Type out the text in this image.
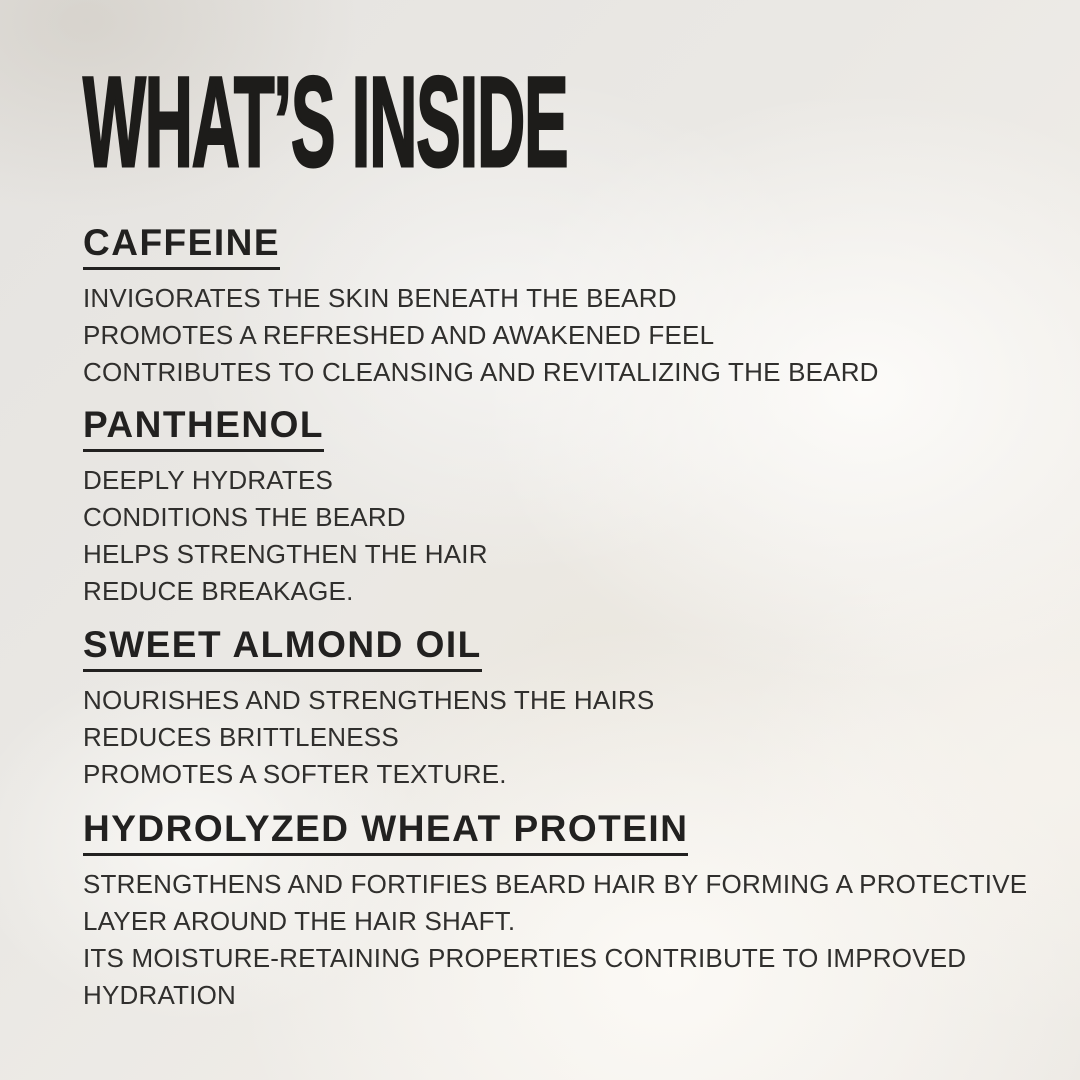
WHAT’S INSIDE
CAFFEINE

INVIGORATES THE SKIN BENEATH THE BEARD

PROMOTES A REFRESHED AND AWAKENED FEEL

CONTRIBUTES TO CLEANSING AND REVITALIZING THE BEARD

PANTHENOL

DEEPLY HYDRATES

CONDITIONS THE BEARD

HELPS STRENGTHEN THE HAIR

REDUCE BREAKAGE.

SWEET ALMOND OIL

NOURISHES AND STRENGTHENS THE HAIRS

REDUCES BRITTLENESS

PROMOTES A SOFTER TEXTURE.

HYDROLYZED WHEAT PROTEIN

STRENGTHENS AND FORTIFIES BEARD HAIR BY FORMING A PROTECTIVE

LAYER AROUND THE HAIR SHAFT.

ITS MOISTURE-RETAINING PROPERTIES CONTRIBUTE TO IMPROVED

HYDRATION
